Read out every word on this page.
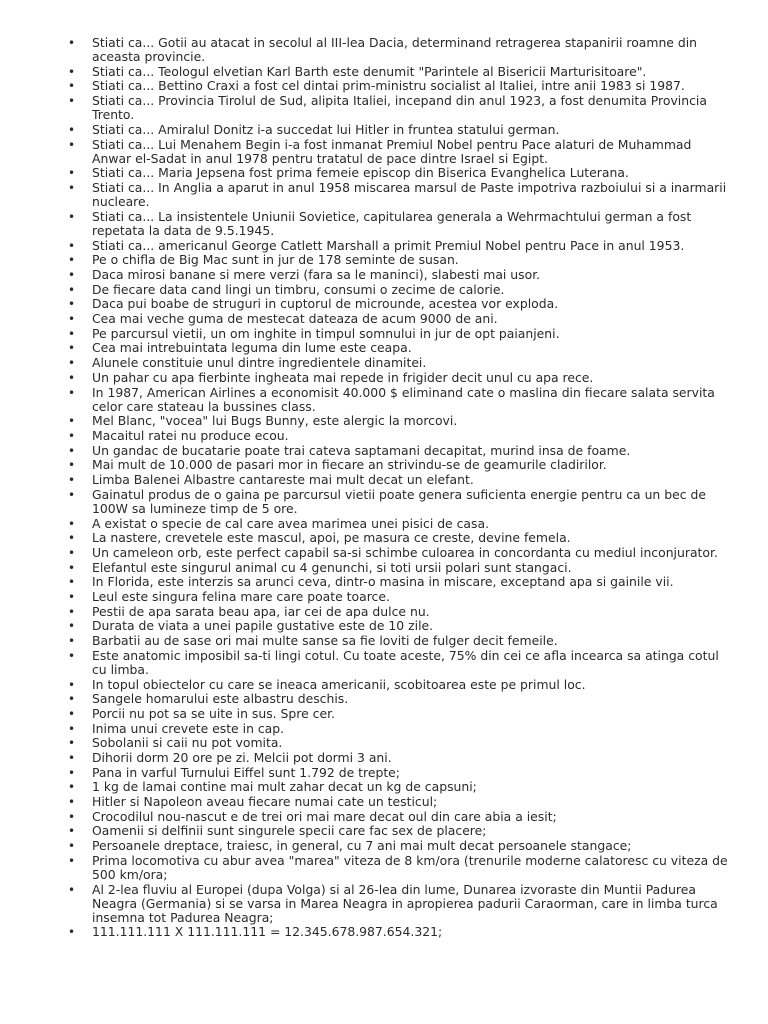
• Stiati ca... Gotii au atacat in secolul al III-lea Dacia, determinand retragerea stapanirii roamne din aceasta provincie.
• Stiati ca... Teologul elvetian Karl Barth este denumit "Parintele al Bisericii Marturisitoare".
• Stiati ca... Bettino Craxi a fost cel dintai prim-ministru socialist al Italiei, intre anii 1983 si 1987.
• Stiati ca... Provincia Tirolul de Sud, alipita Italiei, incepand din anul 1923, a fost denumita Provincia Trento.
• Stiati ca... Amiralul Donitz i-a succedat lui Hitler in fruntea statului german.
• Stiati ca... Lui Menahem Begin i-a fost inmanat Premiul Nobel pentru Pace alaturi de Muhammad Anwar el-Sadat in anul 1978 pentru tratatul de pace dintre Israel si Egipt.
• Stiati ca... Maria Jepsena fost prima femeie episcop din Biserica Evanghelica Luterana.
• Stiati ca... In Anglia a aparut in anul 1958 miscarea marsul de Paste impotriva razboiului si a inarmarii nucleare.
• Stiati ca... La insistentele Uniunii Sovietice, capitularea generala a Wehrmachtului german a fost repetata la data de 9.5.1945.
• Stiati ca... americanul George Catlett Marshall a primit Premiul Nobel pentru Pace in anul 1953.
• Pe o chifla de Big Mac sunt in jur de 178 seminte de susan.
• Daca mirosi banane si mere verzi (fara sa le maninci), slabesti mai usor.
• De fiecare data cand lingi un timbru, consumi o zecime de calorie.
• Daca pui boabe de struguri in cuptorul de microunde, acestea vor exploda.
• Cea mai veche guma de mestecat dateaza de acum 9000 de ani.
• Pe parcursul vietii, un om inghite in timpul somnului in jur de opt paianjeni.
• Cea mai intrebuintata leguma din lume este ceapa.
• Alunele constituie unul dintre ingredientele dinamitei.
• Un pahar cu apa fierbinte ingheata mai repede in frigider decit unul cu apa rece.
• In 1987, American Airlines a economisit 40.000 $ eliminand cate o maslina din fiecare salata servita celor care stateau la bussines class.
• Mel Blanc, "vocea" lui Bugs Bunny, este alergic la morcovi.
• Macaitul ratei nu produce ecou.
• Un gandac de bucatarie poate trai cateva saptamani decapitat, murind insa de foame.
• Mai mult de 10.000 de pasari mor in fiecare an strivindu-se de geamurile cladirilor.
• Limba Balenei Albastre cantareste mai mult decat un elefant.
• Gainatul produs de o gaina pe parcursul vietii poate genera suficienta energie pentru ca un bec de 100W sa lumineze timp de 5 ore.
• A existat o specie de cal care avea marimea unei pisici de casa.
• La nastere, crevetele este mascul, apoi, pe masura ce creste, devine femela.
• Un cameleon orb, este perfect capabil sa-si schimbe culoarea in concordanta cu mediul inconjurator.
• Elefantul este singurul animal cu 4 genunchi, si toti ursii polari sunt stangaci.
• In Florida, este interzis sa arunci ceva, dintr-o masina in miscare, exceptand apa si gainile vii.
• Leul este singura felina mare care poate toarce.
• Pestii de apa sarata beau apa, iar cei de apa dulce nu.
• Durata de viata a unei papile gustative este de 10 zile.
• Barbatii au de sase ori mai multe sanse sa fie loviti de fulger decit femeile.
• Este anatomic imposibil sa-ti lingi cotul. Cu toate aceste, 75% din cei ce afla incearca sa atinga cotul cu limba.
• In topul obiectelor cu care se ineaca americanii, scobitoarea este pe primul loc.
• Sangele homarului este albastru deschis.
• Porcii nu pot sa se uite in sus. Spre cer.
• Inima unui crevete este in cap.
• Sobolanii si caii nu pot vomita.
• Dihorii dorm 20 ore pe zi. Melcii pot dormi 3 ani.
• Pana in varful Turnului Eiffel sunt 1.792 de trepte;
• 1 kg de lamai contine mai mult zahar decat un kg de capsuni;
• Hitler si Napoleon aveau fiecare numai cate un testicul;
• Crocodilul nou-nascut e de trei ori mai mare decat oul din care abia a iesit;
• Oamenii si delfinii sunt singurele specii care fac sex de placere;
• Persoanele dreptace, traiesc, in general, cu 7 ani mai mult decat persoanele stangace;
• Prima locomotiva cu abur avea "marea" viteza de 8 km/ora (trenurile moderne calatoresc cu viteza de 500 km/ora;
• Al 2-lea fluviu al Europei (dupa Volga) si al 26-lea din lume, Dunarea izvoraste din Muntii Padurea Neagra (Germania) si se varsa in Marea Neagra in apropierea padurii Caraorman, care in limba turca insemna tot Padurea Neagra;
• 111.111.111 X 111.111.111 = 12.345.678.987.654.321;
